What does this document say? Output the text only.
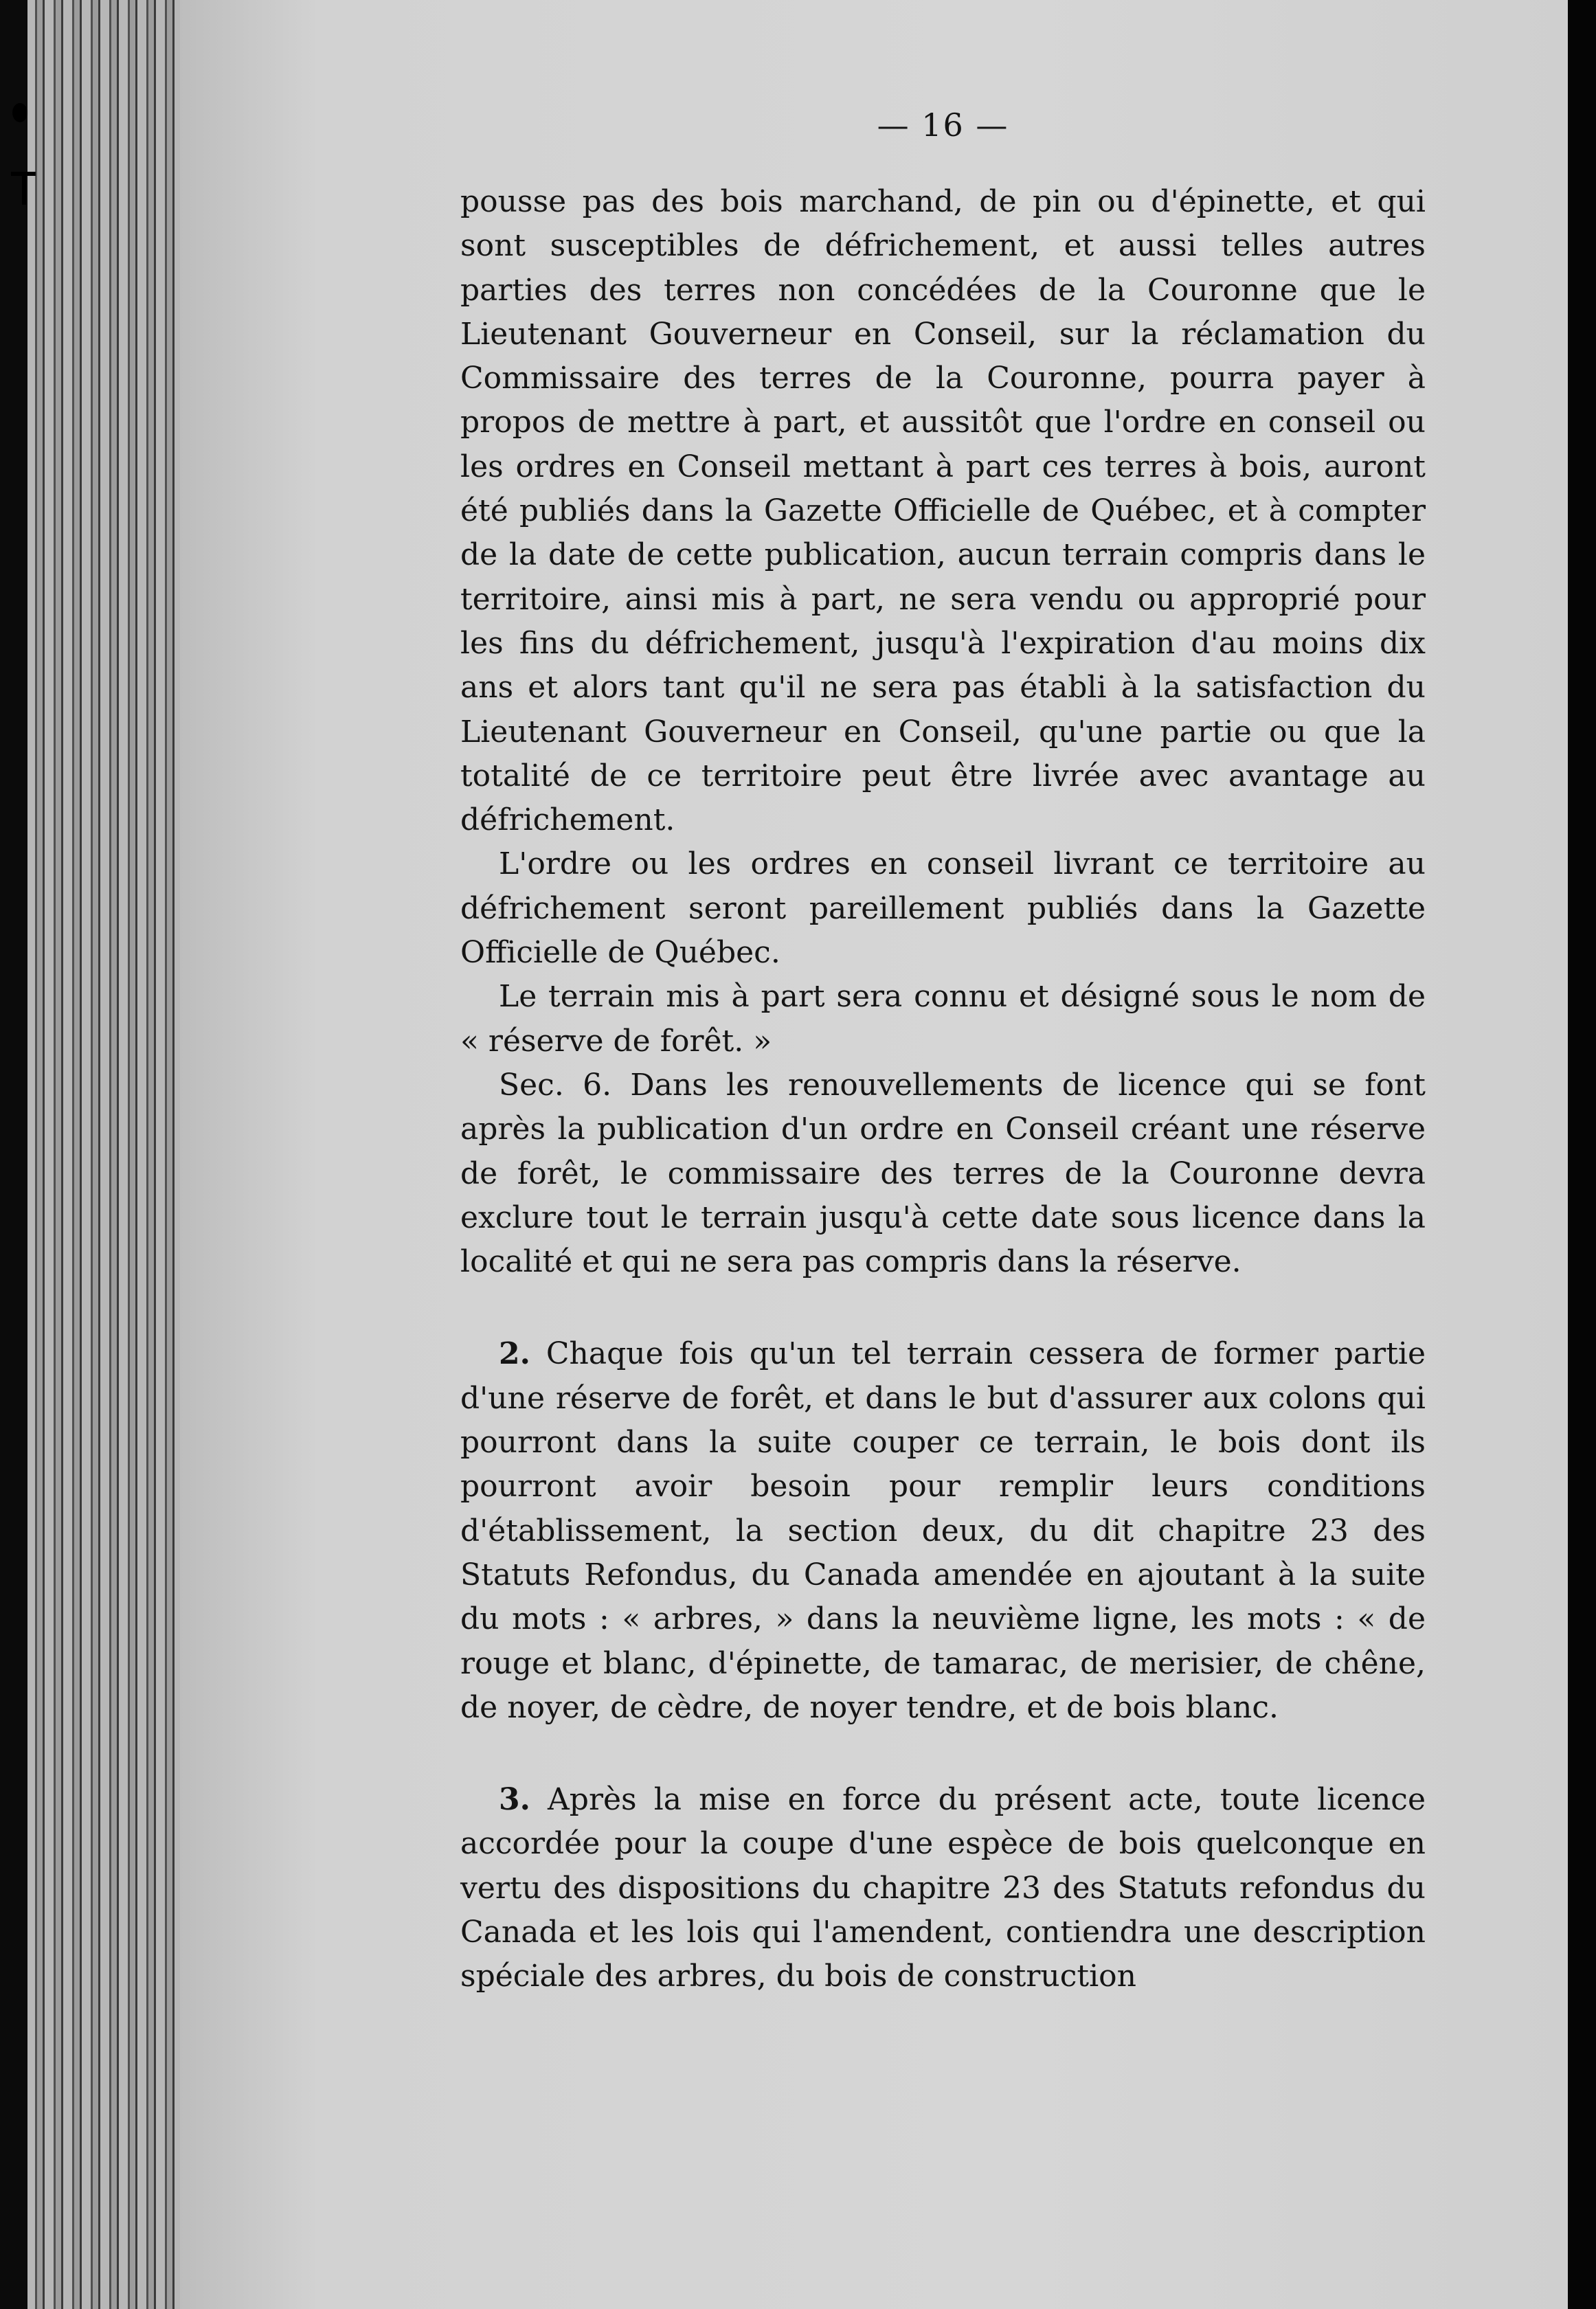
— 16 —

pousse pas des bois marchand, de pin ou d'épinette, et qui sont susceptibles de défrichement, et aussi telles autres parties des terres non concédées de la Couronne que le Lieutenant Gouverneur en Conseil, sur la réclamation du Commissaire des terres de la Couronne, pourra payer à propos de mettre à part, et aussitôt que l'ordre en conseil ou les ordres en Conseil mettant à part ces terres à bois, auront été publiés dans la Gazette Officielle de Québec, et à compter de la date de cette publication, aucun terrain compris dans le territoire, ainsi mis à part, ne sera vendu ou approprié pour les fins du défrichement, jusqu'à l'expiration d'au moins dix ans et alors tant qu'il ne sera pas établi à la satisfaction du Lieutenant Gouverneur en Conseil, qu'une partie ou que la totalité de ce territoire peut être livrée avec avantage au défrichement.

L'ordre ou les ordres en conseil livrant ce territoire au défrichement seront pareillement publiés dans la Gazette Officielle de Québec.

Le terrain mis à part sera connu et désigné sous le nom de « réserve de forêt. »

Sec. 6. Dans les renouvellements de licence qui se font après la publication d'un ordre en Conseil créant une réserve de forêt, le commissaire des terres de la Couronne devra exclure tout le terrain jusqu'à cette date sous licence dans la localité et qui ne sera pas compris dans la réserve.

2. Chaque fois qu'un tel terrain cessera de former partie d'une réserve de forêt, et dans le but d'assurer aux colons qui pourront dans la suite couper ce terrain, le bois dont ils pourront avoir besoin pour remplir leurs conditions d'établissement, la section deux, du dit chapitre 23 des Statuts Refondus, du Canada amendée en ajoutant à la suite du mots : « arbres, » dans la neuvième ligne, les mots : « de rouge et blanc, d'épinette, de tamarac, de merisier, de chêne, de noyer, de cèdre, de noyer tendre, et de bois blanc.

3. Après la mise en force du présent acte, toute licence accordée pour la coupe d'une espèce de bois quelconque en vertu des dispositions du chapitre 23 des Statuts refondus du Canada et les lois qui l'amendent, contiendra une description spéciale des arbres, du bois de construction
